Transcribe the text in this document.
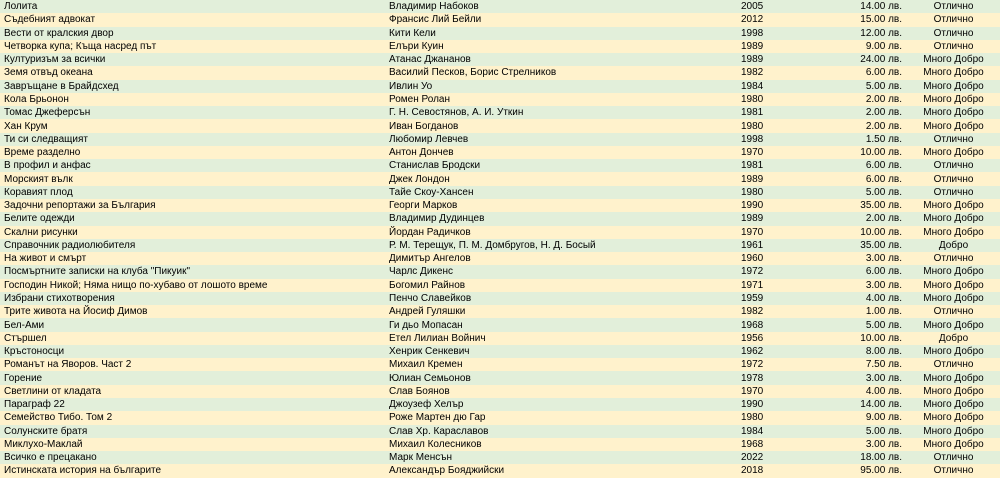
Лолита	Владимир Набоков	2005	14.00 лв.	Отлично
Съдебният адвокат	Франсис Лий Бейли	2012	15.00 лв.	Отлично
Вести от кралския двор	Кити Кели	1998	12.00 лв.	Отлично
Четворка купа; Къща насред път	Елъри Куин	1989	9.00 лв.	Отлично
Културизъм за всички	Атанас Джананов	1989	24.00 лв.	Много Добро
Земя отвъд океана	Василий Песков, Борис Стрелников	1982	6.00 лв.	Много Добро
Завръщане в Брайдсхед	Ивлин Уо	1984	5.00 лв.	Много Добро
Кола Брьонон	Ромен Ролан	1980	2.00 лв.	Много Добро
Томас Джеферсън	Г. Н. Севостянов, А. И. Уткин	1981	2.00 лв.	Много Добро
Хан Крум	Иван Богданов	1980	2.00 лв.	Много Добро
Ти си следващият	Любомир Левчев	1998	1.50 лв.	Отлично
Време разделно	Антон Дончев	1970	10.00 лв.	Много Добро
В профил и анфас	Станислав Бродски	1981	6.00 лв.	Отлично
Морският вълк	Джек Лондон	1989	6.00 лв.	Отлично
Коравият плод	Тайе Скоу-Хансен	1980	5.00 лв.	Отлично
Задочни репортажи за България	Георги Марков	1990	35.00 лв.	Много Добро
Белите одежди	Владимир Дудинцев	1989	2.00 лв.	Много Добро
Скални рисунки	Йордан Радичков	1970	10.00 лв.	Много Добро
Справочник радиолюбителя	Р. М. Терещук, П. М. Домбругов, Н. Д. Босый	1961	35.00 лв.	Добро
На живот и смърт	Димитър Ангелов	1960	3.00 лв.	Отлично
Посмъртните записки на клуба "Пикуик"	Чарлс Дикенс	1972	6.00 лв.	Много Добро
Господин Никой; Няма нищо по-хубаво от лошото време	Богомил Райнов	1971	3.00 лв.	Много Добро
Избрани стихотворения	Пенчо Славейков	1959	4.00 лв.	Много Добро
Трите живота на Йосиф Димов	Андрей Гуляшки	1982	1.00 лв.	Отлично
Бел-Ами	Ги дьо Мопасан	1968	5.00 лв.	Много Добро
Стършел	Етел Лилиан Войнич	1956	10.00 лв.	Добро
Кръстоносци	Хенрик Сенкевич	1962	8.00 лв.	Много Добро
Романът на Яворов. Част 2	Михаил Кремен	1972	7.50 лв.	Отлично
Горение	Юлиан Семьонов	1978	3.00 лв.	Много Добро
Светлини от кладата	Слав Боянов	1970	4.00 лв.	Много Добро
Параграф 22	Джоузеф Хелър	1990	14.00 лв.	Много Добро
Семейство Тибо. Том 2	Роже Мартен дю Гар	1980	9.00 лв.	Много Добро
Солунските братя	Слав Хр. Караславов	1984	5.00 лв.	Много Добро
Миклухо-Маклай	Михаил Колесников	1968	3.00 лв.	Много Добро
Всичко е прецакано	Марк Менсън	2022	18.00 лв.	Отлично
Истинската история на българите	Александър Бояджийски	2018	95.00 лв.	Отлично
